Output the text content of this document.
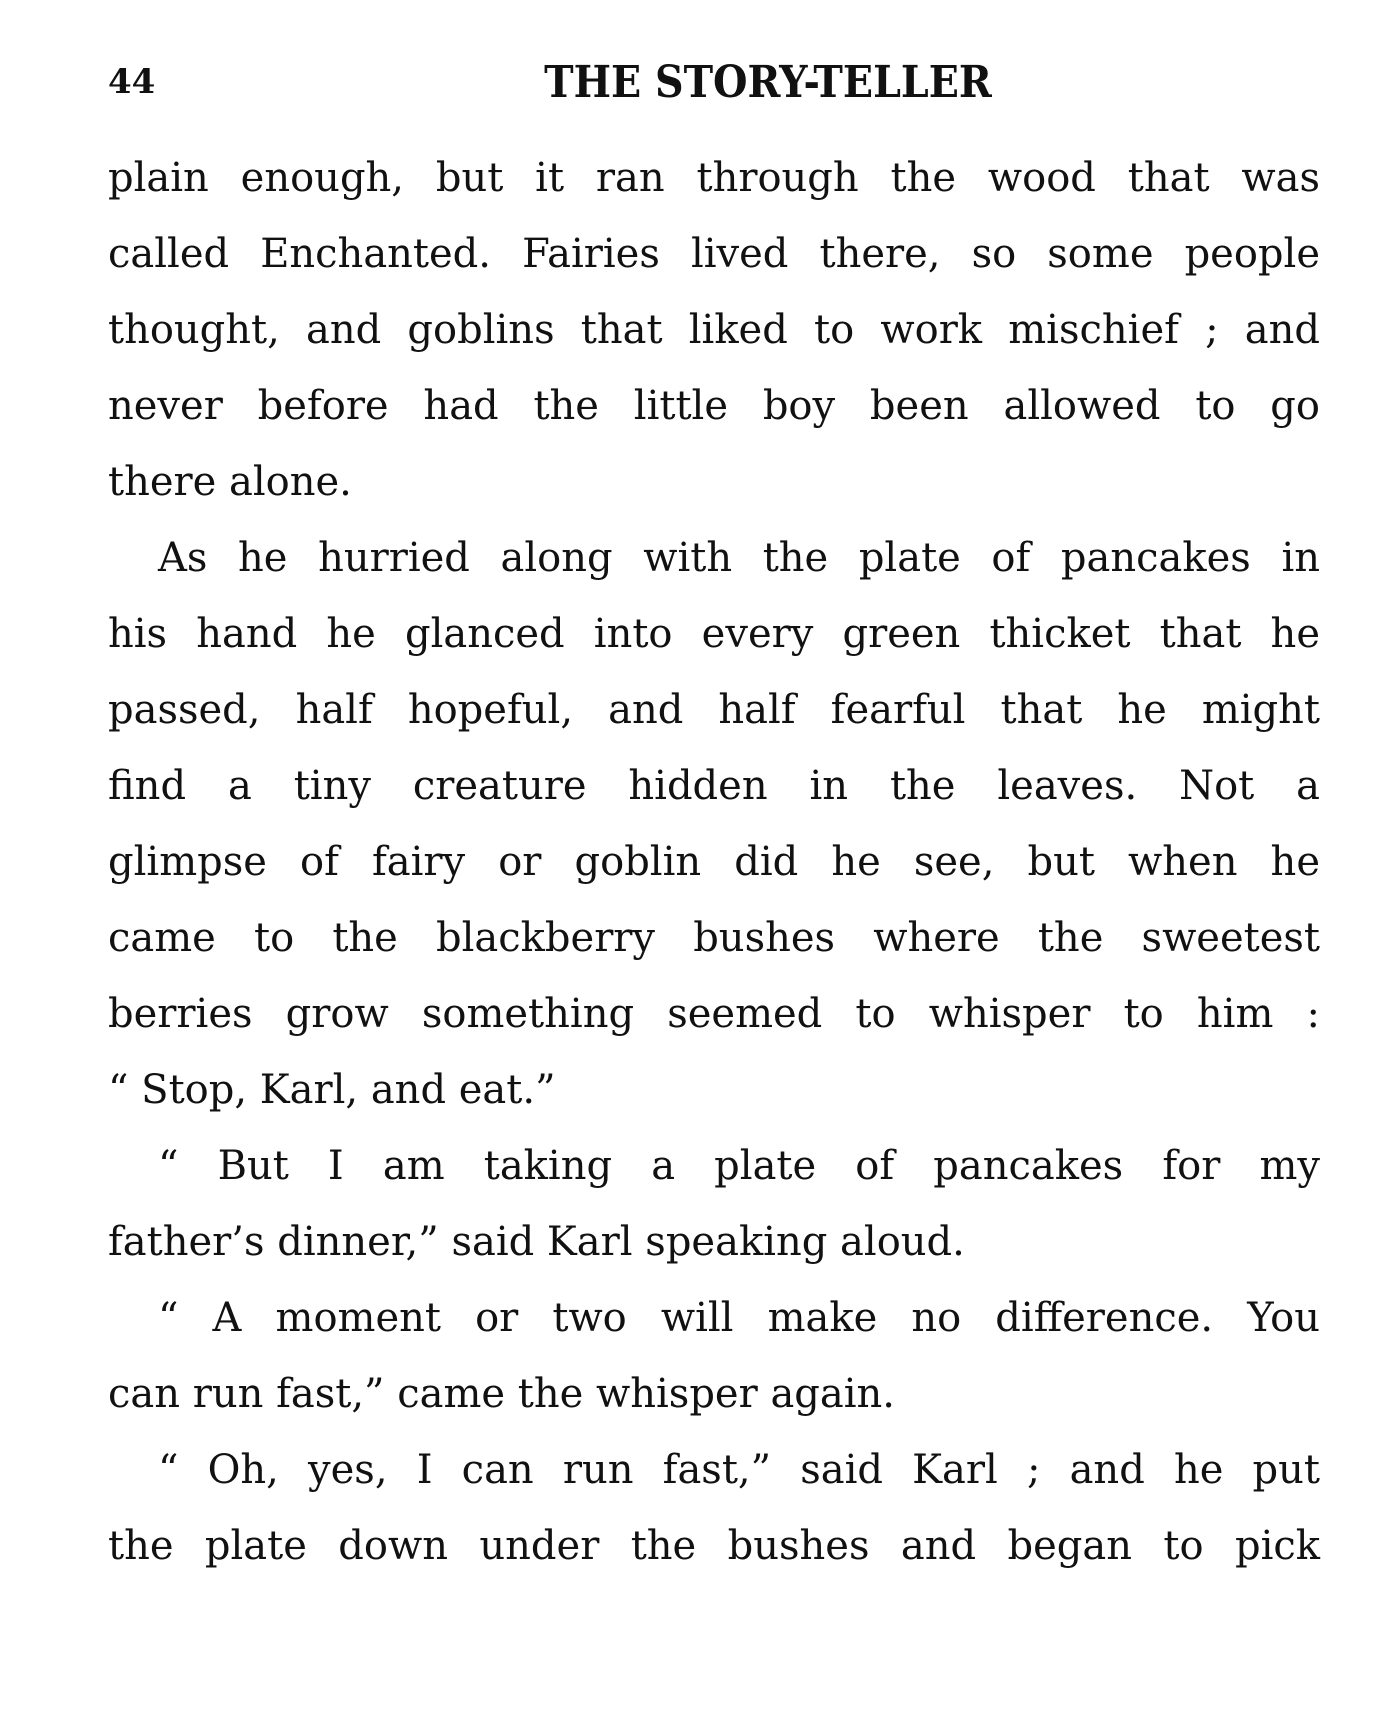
44	THE STORY-TELLER
plain enough, but it ran through the wood that was
called Enchanted. Fairies lived there, so some people
thought, and goblins that liked to work mischief ; and
never before had the little boy been allowed to go
there alone.
As he hurried along with the plate of pancakes in
his hand he glanced into every green thicket that he
passed, half hopeful, and half fearful that he might
find a tiny creature hidden in the leaves. Not a
glimpse of fairy or goblin did he see, but when he
came to the blackberry bushes where the sweetest
berries grow something seemed to whisper to him :
“ Stop, Karl, and eat.”
“ But I am taking a plate of pancakes for my
father’s dinner,” said Karl speaking aloud.
“ A moment or two will make no difference. You
can run fast,” came the whisper again.
“ Oh, yes, I can run fast,” said Karl ; and he put
the plate down under the bushes and began to pick
